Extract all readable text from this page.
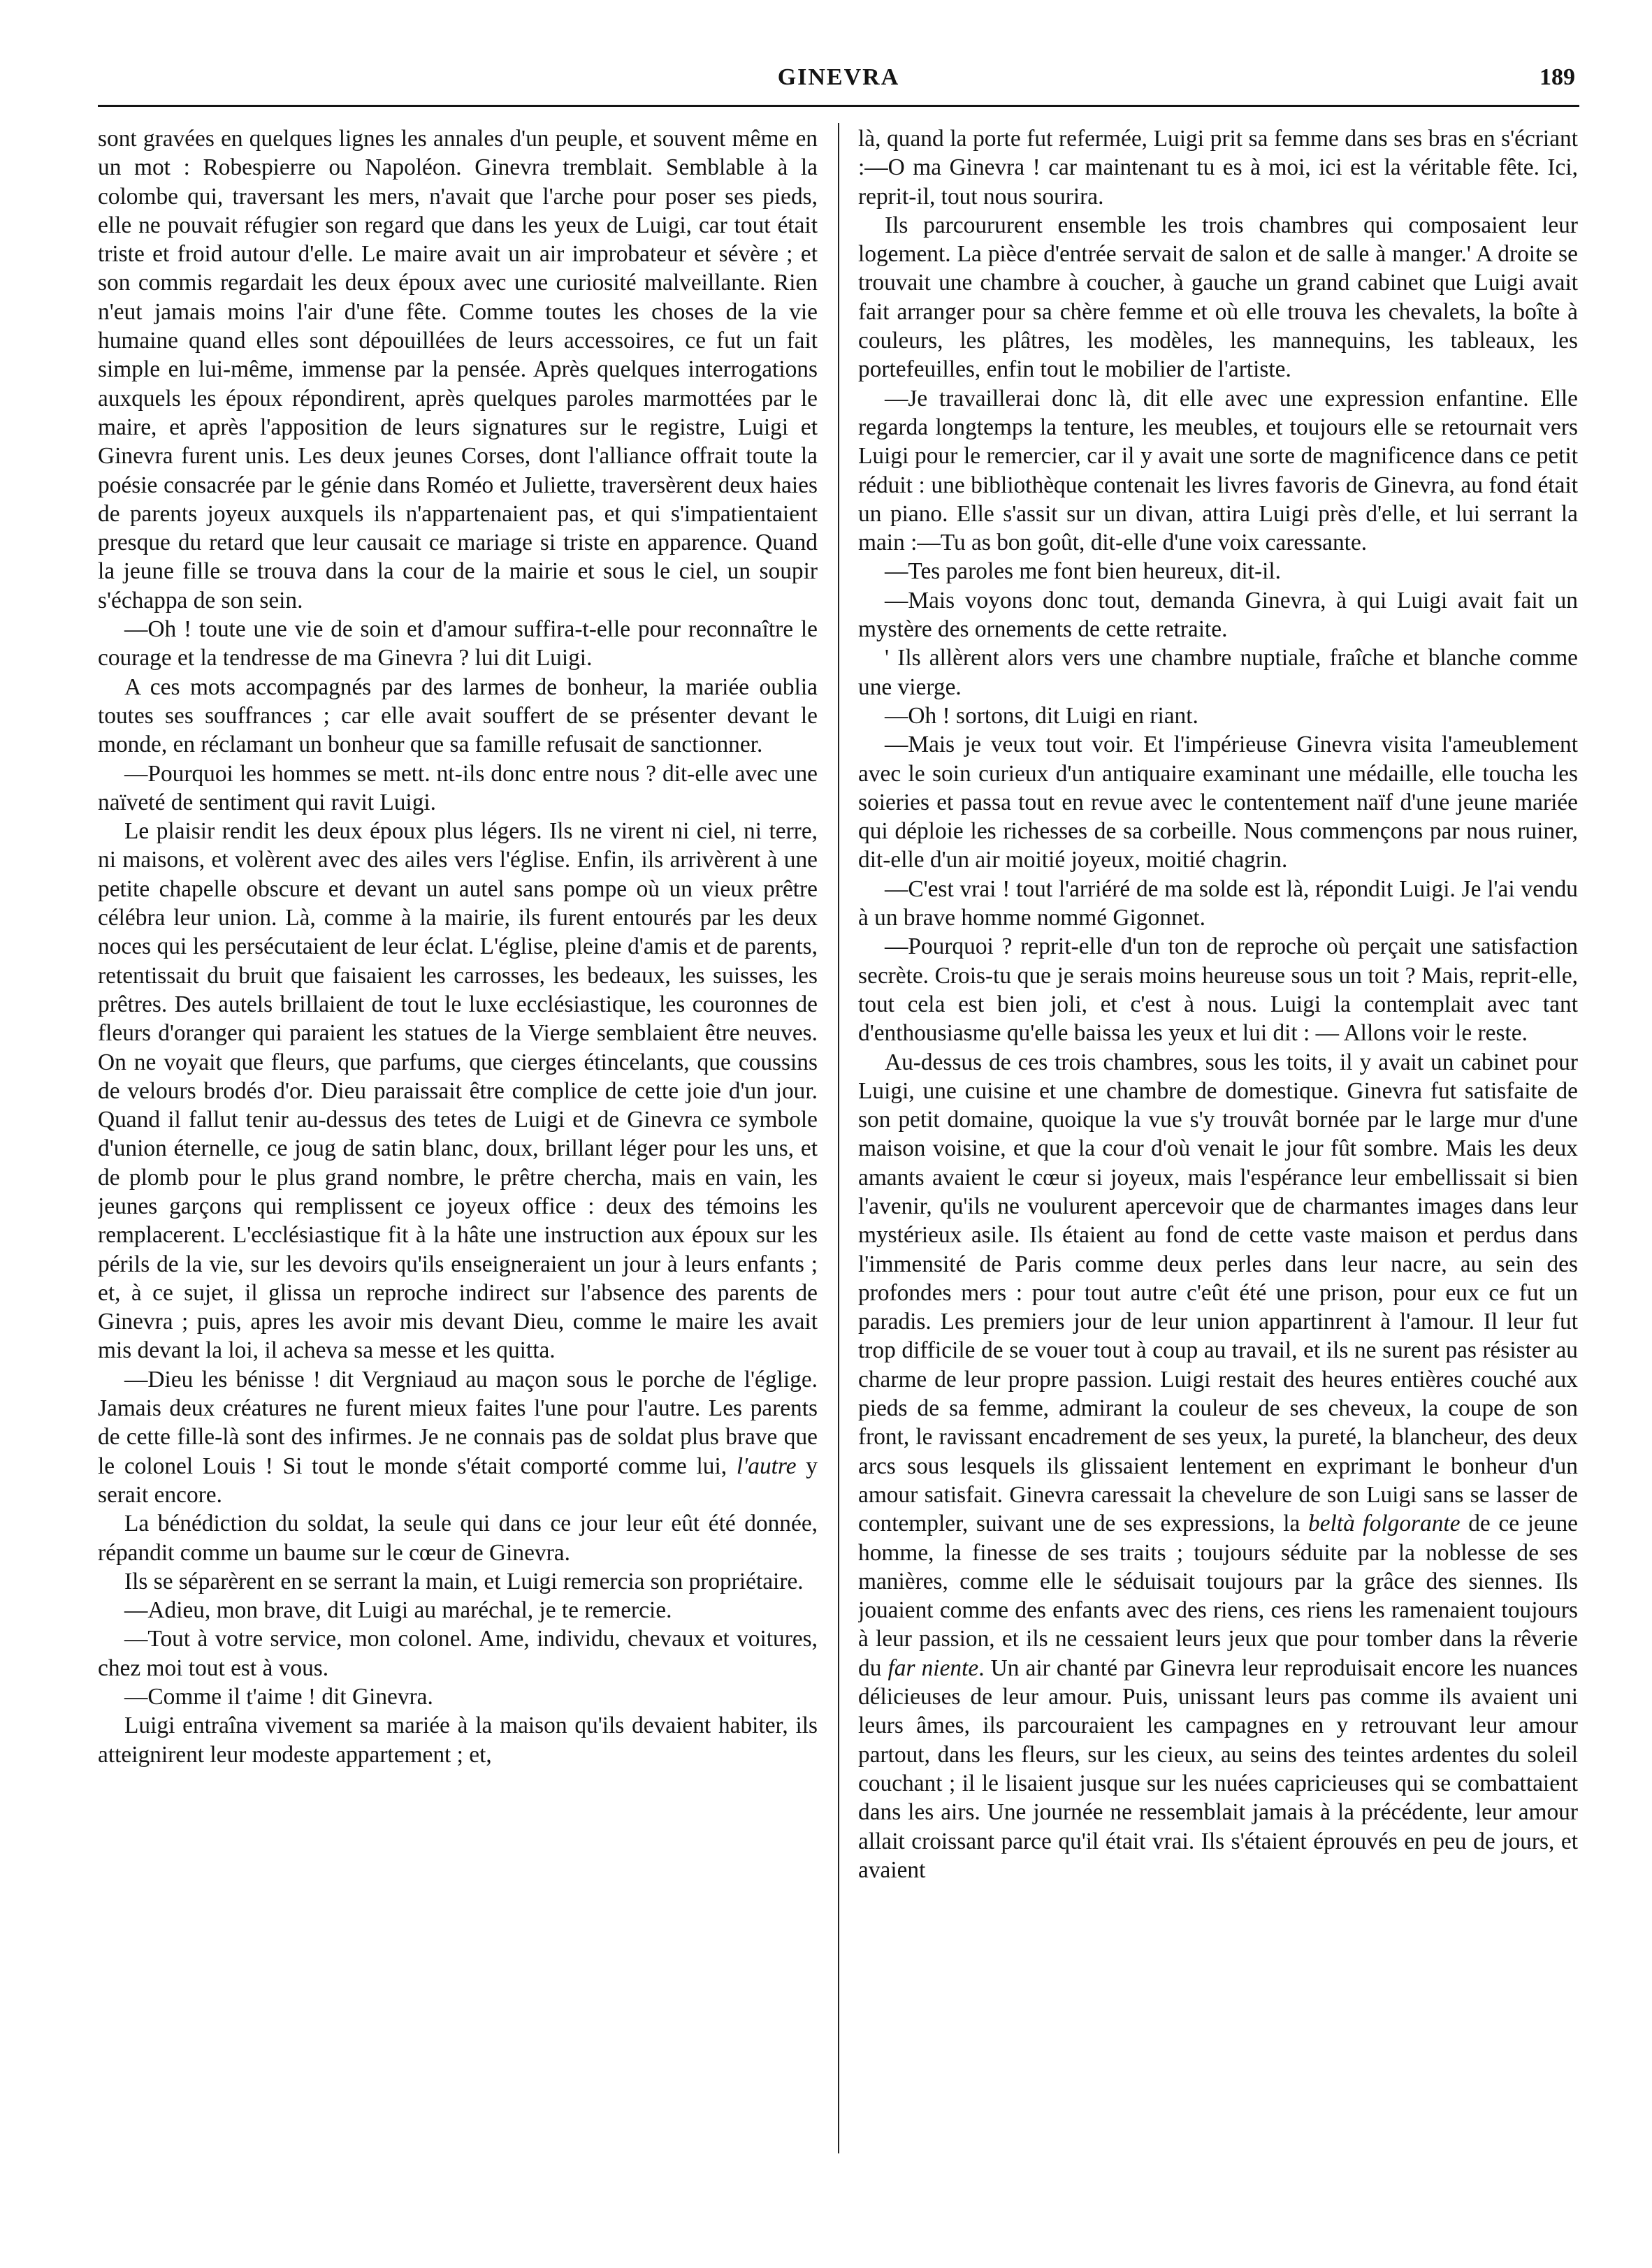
GINEVRA	189

sont gravées en quelques lignes les annales d'un peuple, et souvent même en un mot : Robespierre ou Napoléon. Ginevra tremblait. Semblable à la colombe qui, traversant les mers, n'avait que l'arche pour poser ses pieds, elle ne pouvait réfugier son regard que dans les yeux de Luigi, car tout était triste et froid autour d'elle. Le maire avait un air improbateur et sévère ; et son commis regardait les deux époux avec une curiosité malveillante. Rien n'eut jamais moins l'air d'une fête. Comme toutes les choses de la vie humaine quand elles sont dépouillées de leurs accessoires, ce fut un fait simple en lui-même, immense par la pensée. Après quelques interrogations auxquels les époux répondirent, après quelques paroles marmottées par le maire, et après l'apposition de leurs signatures sur le registre, Luigi et Ginevra furent unis. Les deux jeunes Corses, dont l'alliance offrait toute la poésie consacrée par le génie dans Roméo et Juliette, traversèrent deux haies de parents joyeux auxquels ils n'appartenaient pas, et qui s'impatientaient presque du retard que leur causait ce mariage si triste en apparence. Quand la jeune fille se trouva dans la cour de la mairie et sous le ciel, un soupir s'échappa de son sein.

—Oh ! toute une vie de soin et d'amour suffira-t-elle pour reconnaître le courage et la tendresse de ma Ginevra ? lui dit Luigi.

A ces mots accompagnés par des larmes de bonheur, la mariée oublia toutes ses souffrances ; car elle avait souffert de se présenter devant le monde, en réclamant un bonheur que sa famille refusait de sanctionner.

—Pourquoi les hommes se mett. nt-ils donc entre nous ? dit-elle avec une naïveté de sentiment qui ravit Luigi.

Le plaisir rendit les deux époux plus légers. Ils ne virent ni ciel, ni terre, ni maisons, et volèrent avec des ailes vers l'église. Enfin, ils arrivèrent à une petite chapelle obscure et devant un autel sans pompe où un vieux prêtre célébra leur union. Là, comme à la mairie, ils furent entourés par les deux noces qui les persécutaient de leur éclat. L'église, pleine d'amis et de parents, retentissait du bruit que faisaient les carrosses, les bedeaux, les suisses, les prêtres. Des autels brillaient de tout le luxe ecclésiastique, les couronnes de fleurs d'oranger qui paraient les statues de la Vierge semblaient être neuves. On ne voyait que fleurs, que parfums, que cierges étincelants, que coussins de velours brodés d'or. Dieu paraissait être complice de cette joie d'un jour. Quand il fallut tenir au-dessus des tetes de Luigi et de Ginevra ce symbole d'union éternelle, ce joug de satin blanc, doux, brillant léger pour les uns, et de plomb pour le plus grand nombre, le prêtre chercha, mais en vain, les jeunes garçons qui remplissent ce joyeux office : deux des témoins les remplacerent. L'ecclésiastique fit à la hâte une instruction aux époux sur les périls de la vie, sur les devoirs qu'ils enseigneraient un jour à leurs enfants ; et, à ce sujet, il glissa un reproche indirect sur l'absence des parents de Ginevra ; puis, apres les avoir mis devant Dieu, comme le maire les avait mis devant la loi, il acheva sa messe et les quitta.

—Dieu les bénisse ! dit Vergniaud au maçon sous le porche de l'églige. Jamais deux créatures ne furent mieux faites l'une pour l'autre. Les parents de cette fille-là sont des infirmes. Je ne connais pas de soldat plus brave que le colonel Louis ! Si tout le monde s'était comporté comme lui, l'autre y serait encore.

La bénédiction du soldat, la seule qui dans ce jour leur eût été donnée, répandit comme un baume sur le cœur de Ginevra.

Ils se séparèrent en se serrant la main, et Luigi remercia son propriétaire.

—Adieu, mon brave, dit Luigi au maréchal, je te remercie.

—Tout à votre service, mon colonel. Ame, individu, chevaux et voitures, chez moi tout est à vous.

—Comme il t'aime ! dit Ginevra.

Luigi entraîna vivement sa mariée à la maison qu'ils devaient habiter, ils atteignirent leur modeste appartement ; et,

là, quand la porte fut refermée, Luigi prit sa femme dans ses bras en s'écriant :—O ma Ginevra ! car maintenant tu es à moi, ici est la véritable fête. Ici, reprit-il, tout nous sourira.

Ils parcoururent ensemble les trois chambres qui composaient leur logement. La pièce d'entrée servait de salon et de salle à manger.' A droite se trouvait une chambre à coucher, à gauche un grand cabinet que Luigi avait fait arranger pour sa chère femme et où elle trouva les chevalets, la boîte à couleurs, les plâtres, les modèles, les mannequins, les tableaux, les portefeuilles, enfin tout le mobilier de l'artiste.

—Je travaillerai donc là, dit elle avec une expression enfantine. Elle regarda longtemps la tenture, les meubles, et toujours elle se retournait vers Luigi pour le remercier, car il y avait une sorte de magnificence dans ce petit réduit : une bibliothèque contenait les livres favoris de Ginevra, au fond était un piano. Elle s'assit sur un divan, attira Luigi près d'elle, et lui serrant la main :—Tu as bon goût, dit-elle d'une voix caressante.

—Tes paroles me font bien heureux, dit-il.

—Mais voyons donc tout, demanda Ginevra, à qui Luigi avait fait un mystère des ornements de cette retraite.

' Ils allèrent alors vers une chambre nuptiale, fraîche et blanche comme une vierge.

—Oh ! sortons, dit Luigi en riant.

—Mais je veux tout voir. Et l'impérieuse Ginevra visita l'ameublement avec le soin curieux d'un antiquaire examinant une médaille, elle toucha les soieries et passa tout en revue avec le contentement naïf d'une jeune mariée qui déploie les richesses de sa corbeille. Nous commençons par nous ruiner, dit-elle d'un air moitié joyeux, moitié chagrin.

—C'est vrai ! tout l'arriéré de ma solde est là, répondit Luigi. Je l'ai vendu à un brave homme nommé Gigonnet.

—Pourquoi ? reprit-elle d'un ton de reproche où perçait une satisfaction secrète. Crois-tu que je serais moins heureuse sous un toit ? Mais, reprit-elle, tout cela est bien joli, et c'est à nous. Luigi la contemplait avec tant d'enthousiasme qu'elle baissa les yeux et lui dit : — Allons voir le reste.

Au-dessus de ces trois chambres, sous les toits, il y avait un cabinet pour Luigi, une cuisine et une chambre de domestique. Ginevra fut satisfaite de son petit domaine, quoique la vue s'y trouvât bornée par le large mur d'une maison voisine, et que la cour d'où venait le jour fût sombre. Mais les deux amants avaient le cœur si joyeux, mais l'espérance leur embellissait si bien l'avenir, qu'ils ne voulurent apercevoir que de charmantes images dans leur mystérieux asile. Ils étaient au fond de cette vaste maison et perdus dans l'immensité de Paris comme deux perles dans leur nacre, au sein des profondes mers : pour tout autre c'eût été une prison, pour eux ce fut un paradis. Les premiers jour de leur union appartinrent à l'amour. Il leur fut trop difficile de se vouer tout à coup au travail, et ils ne surent pas résister au charme de leur propre passion. Luigi restait des heures entières couché aux pieds de sa femme, admirant la couleur de ses cheveux, la coupe de son front, le ravissant encadrement de ses yeux, la pureté, la blancheur, des deux arcs sous lesquels ils glissaient lentement en exprimant le bonheur d'un amour satisfait. Ginevra caressait la chevelure de son Luigi sans se lasser de contempler, suivant une de ses expressions, la beltà folgorante de ce jeune homme, la finesse de ses traits ; toujours séduite par la noblesse de ses manières, comme elle le séduisait toujours par la grâce des siennes. Ils jouaient comme des enfants avec des riens, ces riens les ramenaient toujours à leur passion, et ils ne cessaient leurs jeux que pour tomber dans la rêverie du far niente. Un air chanté par Ginevra leur reproduisait encore les nuances délicieuses de leur amour. Puis, unissant leurs pas comme ils avaient uni leurs âmes, ils parcouraient les campagnes en y retrouvant leur amour partout, dans les fleurs, sur les cieux, au seins des teintes ardentes du soleil couchant ; il le lisaient jusque sur les nuées capricieuses qui se combattaient dans les airs. Une journée ne ressemblait jamais à la précédente, leur amour allait croissant parce qu'il était vrai. Ils s'étaient éprouvés en peu de jours, et avaient
